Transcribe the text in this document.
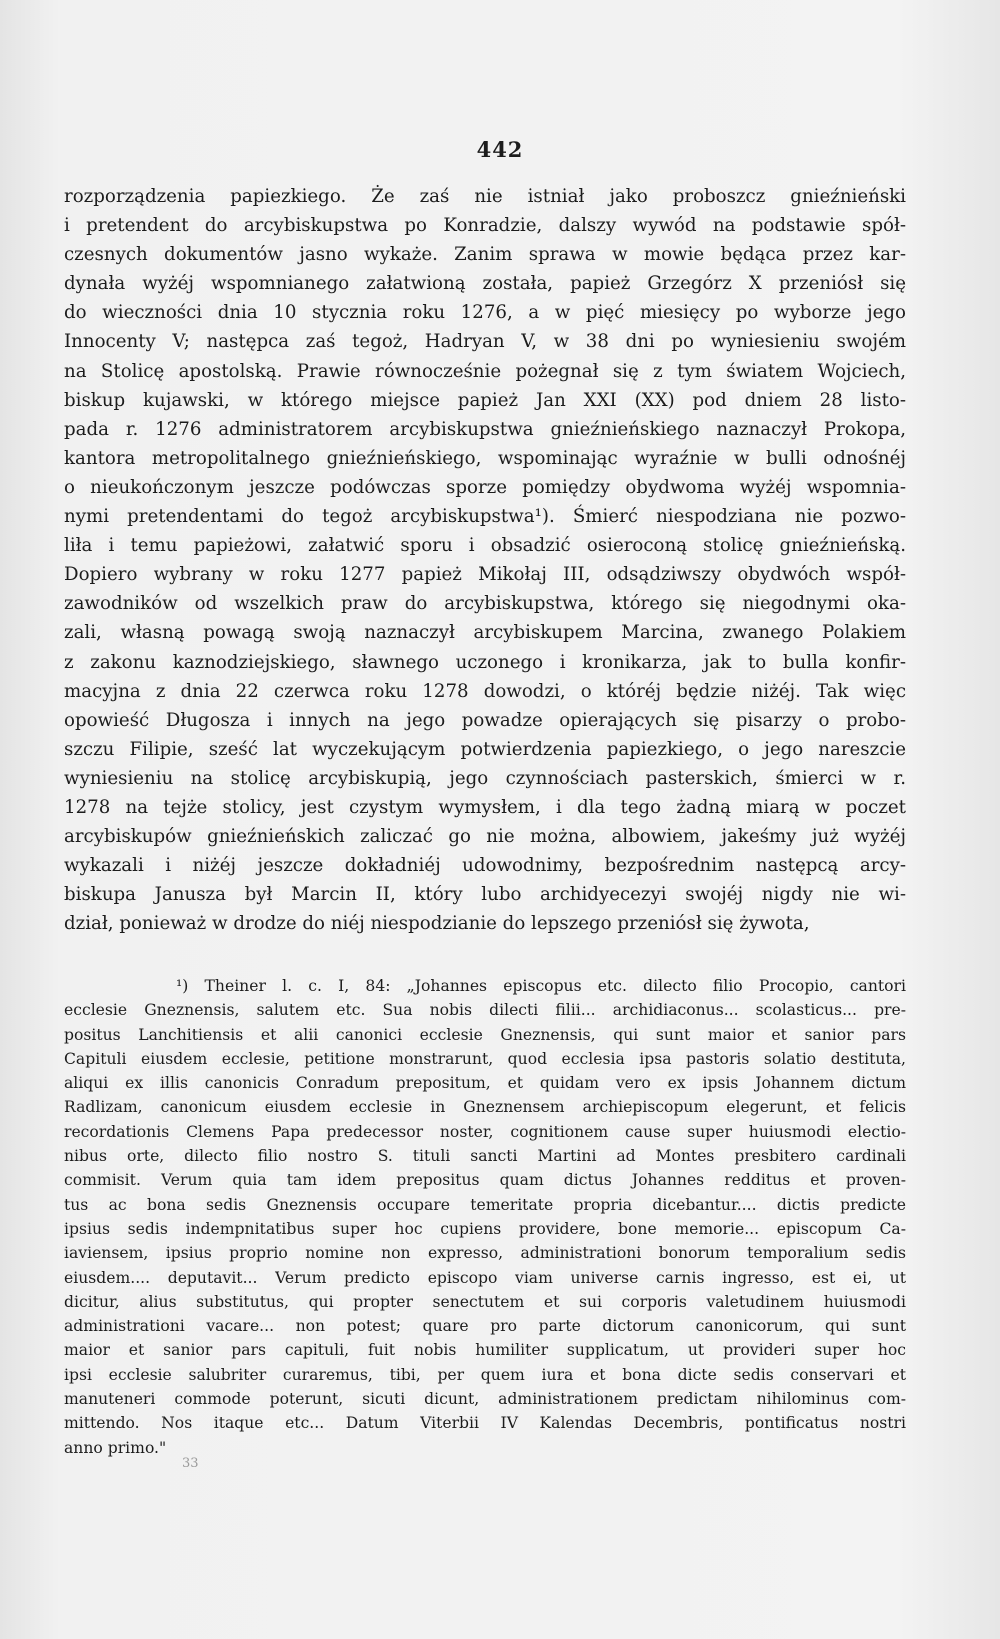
442
rozporządzenia papiezkiego. Że zaś nie istniał jako proboszcz gnieźnieński
i pretendent do arcybiskupstwa po Konradzie, dalszy wywód na podstawie spół-
czesnych dokumentów jasno wykaże. Zanim sprawa w mowie będąca przez kar-
dynała wyżéj wspomnianego załatwioną została, papież Grzegórz X przeniósł się
do wieczności dnia 10 stycznia roku 1276, a w pięć miesięcy po wyborze jego
Innocenty V; następca zaś tegoż, Hadryan V, w 38 dni po wyniesieniu swojém
na Stolicę apostolską. Prawie równocześnie pożegnał się z tym światem Wojciech,
biskup kujawski, w którego miejsce papież Jan XXI (XX) pod dniem 28 listo-
pada r. 1276 administratorem arcybiskupstwa gnieźnieńskiego naznaczył Prokopa,
kantora metropolitalnego gnieźnieńskiego, wspominając wyraźnie w bulli odnośnéj
o nieukończonym jeszcze podówczas sporze pomiędzy obydwoma wyżéj wspomnia-
nymi pretendentami do tegoż arcybiskupstwa¹). Śmierć niespodziana nie pozwo-
liła i temu papieżowi, załatwić sporu i obsadzić osieroconą stolicę gnieźnieńską.
Dopiero wybrany w roku 1277 papież Mikołaj III, odsądziwszy obydwóch współ-
zawodników od wszelkich praw do arcybiskupstwa, którego się niegodnymi oka-
zali, własną powagą swoją naznaczył arcybiskupem Marcina, zwanego Polakiem
z zakonu kaznodziejskiego, sławnego uczonego i kronikarza, jak to bulla konfir-
macyjna z dnia 22 czerwca roku 1278 dowodzi, o któréj będzie niżéj. Tak więc
opowieść Długosza i innych na jego powadze opierających się pisarzy o probo-
szczu Filipie, sześć lat wyczekującym potwierdzenia papiezkiego, o jego nareszcie
wyniesieniu na stolicę arcybiskupią, jego czynnościach pasterskich, śmierci w r.
1278 na tejże stolicy, jest czystym wymysłem, i dla tego żadną miarą w poczet
arcybiskupów gnieźnieńskich zaliczać go nie można, albowiem, jakeśmy już wyżéj
wykazali i niżéj jeszcze dokładniéj udowodnimy, bezpośrednim następcą arcy-
biskupa Janusza był Marcin II, który lubo archidyecezyi swojéj nigdy nie wi-
dział, ponieważ w drodze do niéj niespodzianie do lepszego przeniósł się żywota,
¹) Theiner l. c. I, 84: „Johannes episcopus etc. dilecto filio Procopio, cantori
ecclesie Gneznensis, salutem etc. Sua nobis dilecti filii... archidiaconus... scolasticus... pre-
positus Lanchitiensis et alii canonici ecclesie Gneznensis, qui sunt maior et sanior pars
Capituli eiusdem ecclesie, petitione monstrarunt, quod ecclesia ipsa pastoris solatio destituta,
aliqui ex illis canonicis Conradum prepositum, et quidam vero ex ipsis Johannem dictum
Radlizam, canonicum eiusdem ecclesie in Gneznensem archiepiscopum elegerunt, et felicis
recordationis Clemens Papa predecessor noster, cognitionem cause super huiusmodi electio-
nibus orte, dilecto filio nostro S. tituli sancti Martini ad Montes presbitero cardinali
commisit. Verum quia tam idem prepositus quam dictus Johannes redditus et proven-
tus ac bona sedis Gneznensis occupare temeritate propria dicebantur.... dictis predicte
ipsius sedis indempnitatibus super hoc cupiens providere, bone memorie... episcopum Ca-
iaviensem, ipsius proprio nomine non expresso, administrationi bonorum temporalium sedis
eiusdem.... deputavit... Verum predicto episcopo viam universe carnis ingresso, est ei, ut
dicitur, alius substitutus, qui propter senectutem et sui corporis valetudinem huiusmodi
administrationi vacare... non potest; quare pro parte dictorum canonicorum, qui sunt
maior et sanior pars capituli, fuit nobis humiliter supplicatum, ut provideri super hoc
ipsi ecclesie salubriter curaremus, tibi, per quem iura et bona dicte sedis conservari et
manuteneri commode poterunt, sicuti dicunt, administrationem predictam nihilominus com-
mittendo. Nos itaque etc... Datum Viterbii IV Kalendas Decembris, pontificatus nostri
anno primo."
33
